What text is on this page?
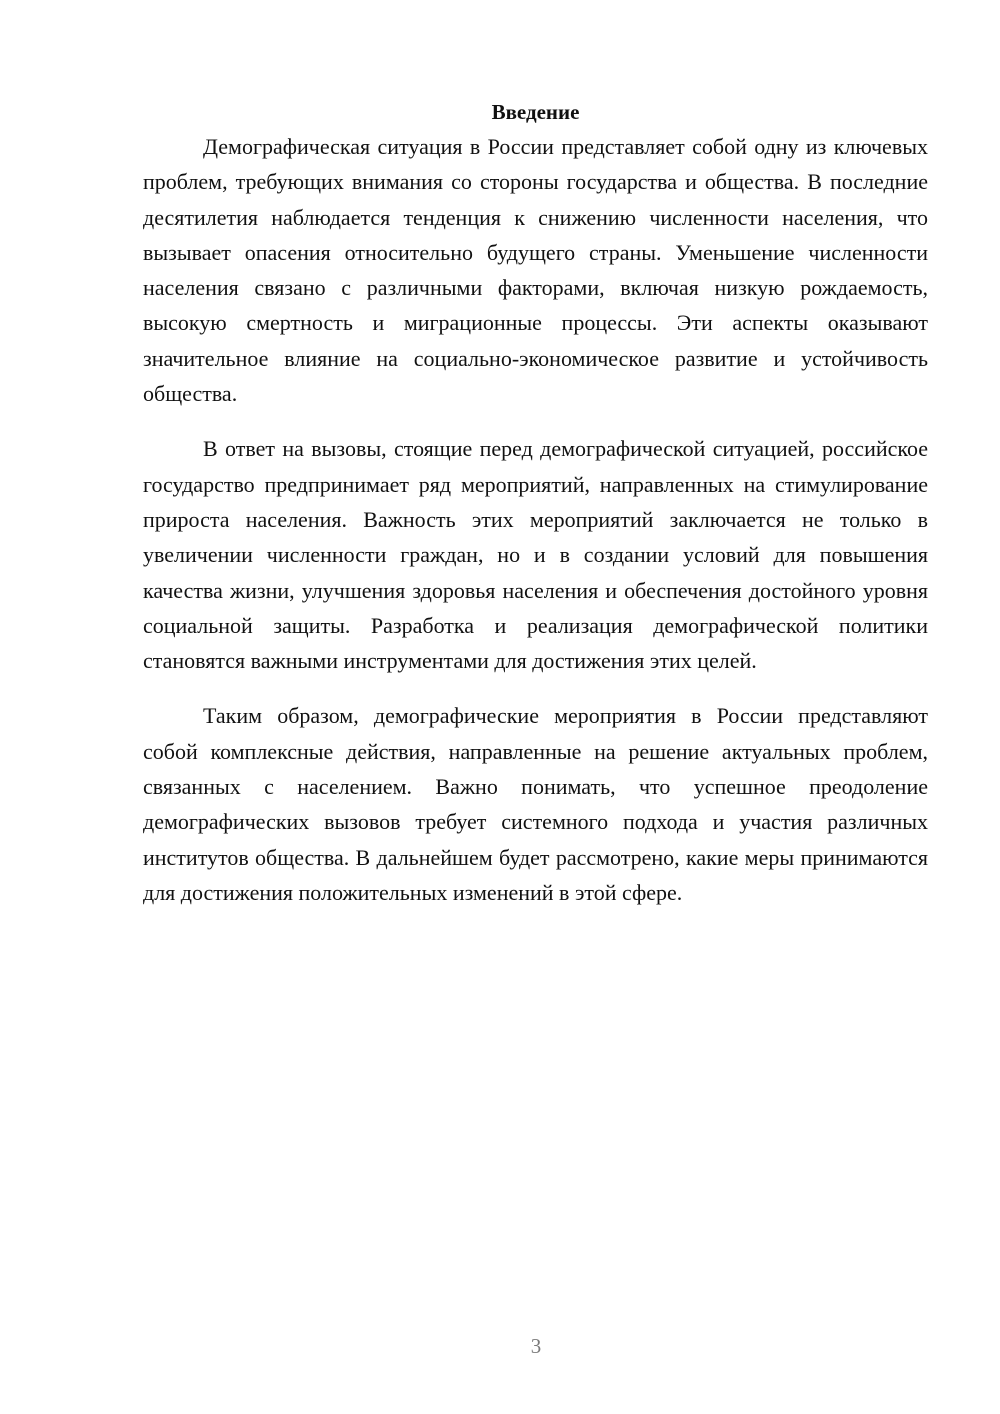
Введение

Демографическая ситуация в России представляет собой одну из ключевых проблем, требующих внимания со стороны государства и общества. В последние десятилетия наблюдается тенденция к снижению численности населения, что вызывает опасения относительно будущего страны. Уменьшение численности населения связано с различными факторами, включая низкую рождаемость, высокую смертность и миграционные процессы. Эти аспекты оказывают значительное влияние на социально-экономическое развитие и устойчивость общества.

В ответ на вызовы, стоящие перед демографической ситуацией, российское государство предпринимает ряд мероприятий, направленных на стимулирование прироста населения. Важность этих мероприятий заключается не только в увеличении численности граждан, но и в создании условий для повышения качества жизни, улучшения здоровья населения и обеспечения достойного уровня социальной защиты. Разработка и реализация демографической политики становятся важными инструментами для достижения этих целей.

Таким образом, демографические мероприятия в России представляют собой комплексные действия, направленные на решение актуальных проблем, связанных с населением. Важно понимать, что успешное преодоление демографических вызовов требует системного подхода и участия различных институтов общества. В дальнейшем будет рассмотрено, какие меры принимаются для достижения положительных изменений в этой сфере.

3
